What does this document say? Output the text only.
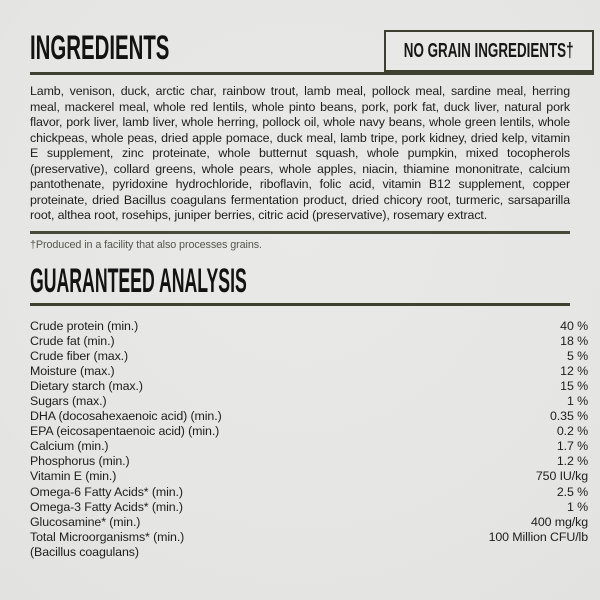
INGREDIENTS	NO GRAIN INGREDIENTS†

Lamb, venison, duck, arctic char, rainbow trout, lamb meal, pollock meal, sardine meal, herring meal, mackerel meal, whole red lentils, whole pinto beans, pork, pork fat, duck liver, natural pork flavor, pork liver, lamb liver, whole herring, pollock oil, whole navy beans, whole green lentils, whole chickpeas, whole peas, dried apple pomace, duck meal, lamb tripe, pork kidney, dried kelp, vitamin E supplement, zinc proteinate, whole butternut squash, whole pumpkin, mixed tocopherols (preservative), collard greens, whole pears, whole apples, niacin, thiamine mononitrate, calcium pantothenate, pyridoxine hydrochloride, riboflavin, folic acid, vitamin B12 supplement, copper proteinate, dried Bacillus coagulans fermentation product, dried chicory root, turmeric, sarsaparilla root, althea root, rosehips, juniper berries, citric acid (preservative), rosemary extract.

†Produced in a facility that also processes grains.

GUARANTEED ANALYSIS
Crude protein (min.)	40 %
Crude fat (min.)	18 %
Crude fiber (max.)	5 %
Moisture (max.)	12 %
Dietary starch (max.)	15 %
Sugars (max.)	1 %
DHA (docosahexaenoic acid) (min.)	0.35 %
EPA (eicosapentaenoic acid) (min.)	0.2 %
Calcium (min.)	1.7 %
Phosphorus (min.)	1.2 %
Vitamin E (min.)	750 IU/kg
Omega-6 Fatty Acids* (min.)	2.5 %
Omega-3 Fatty Acids* (min.)	1 %
Glucosamine* (min.)	400 mg/kg
Total Microorganisms* (min.)	100 Million CFU/lb
(Bacillus coagulans)
